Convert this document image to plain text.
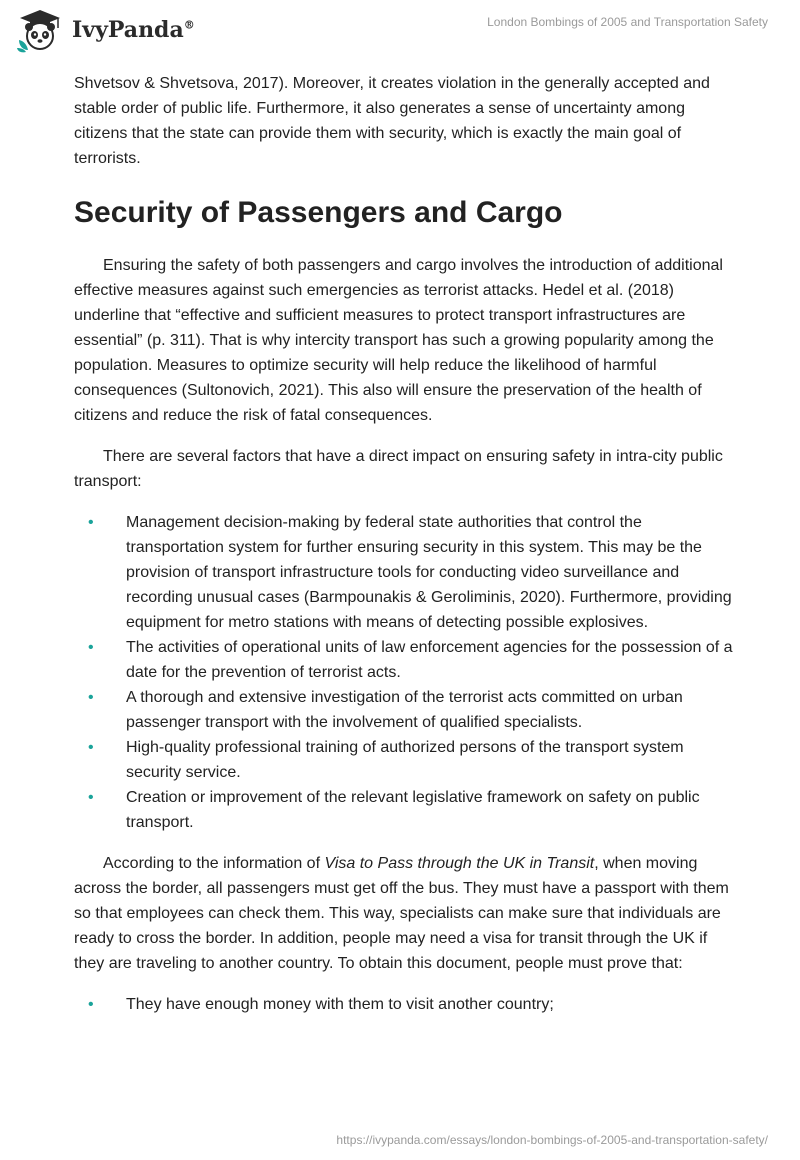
IvyPanda®	London Bombings of 2005 and Transportation Safety

Shvetsov & Shvetsova, 2017). Moreover, it creates violation in the generally accepted and stable order of public life. Furthermore, it also generates a sense of uncertainty among citizens that the state can provide them with security, which is exactly the main goal of terrorists.

Security of Passengers and Cargo

Ensuring the safety of both passengers and cargo involves the introduction of additional effective measures against such emergencies as terrorist attacks. Hedel et al. (2018) underline that “effective and sufficient measures to protect transport infrastructures are essential” (p. 311). That is why intercity transport has such a growing popularity among the population. Measures to optimize security will help reduce the likelihood of harmful consequences (Sultonovich, 2021). This also will ensure the preservation of the health of citizens and reduce the risk of fatal consequences.

There are several factors that have a direct impact on ensuring safety in intra-city public transport:

• Management decision-making by federal state authorities that control the transportation system for further ensuring security in this system. This may be the provision of transport infrastructure tools for conducting video surveillance and recording unusual cases (Barmpounakis & Geroliminis, 2020). Furthermore, providing equipment for metro stations with means of detecting possible explosives.
• The activities of operational units of law enforcement agencies for the possession of a date for the prevention of terrorist acts.
• A thorough and extensive investigation of the terrorist acts committed on urban passenger transport with the involvement of qualified specialists.
• High-quality professional training of authorized persons of the transport system security service.
• Creation or improvement of the relevant legislative framework on safety on public transport.

According to the information of Visa to Pass through the UK in Transit, when moving across the border, all passengers must get off the bus. They must have a passport with them so that employees can check them. This way, specialists can make sure that individuals are ready to cross the border. In addition, people may need a visa for transit through the UK if they are traveling to another country. To obtain this document, people must prove that:

• They have enough money with them to visit another country;
https://ivypanda.com/essays/london-bombings-of-2005-and-transportation-safety/
